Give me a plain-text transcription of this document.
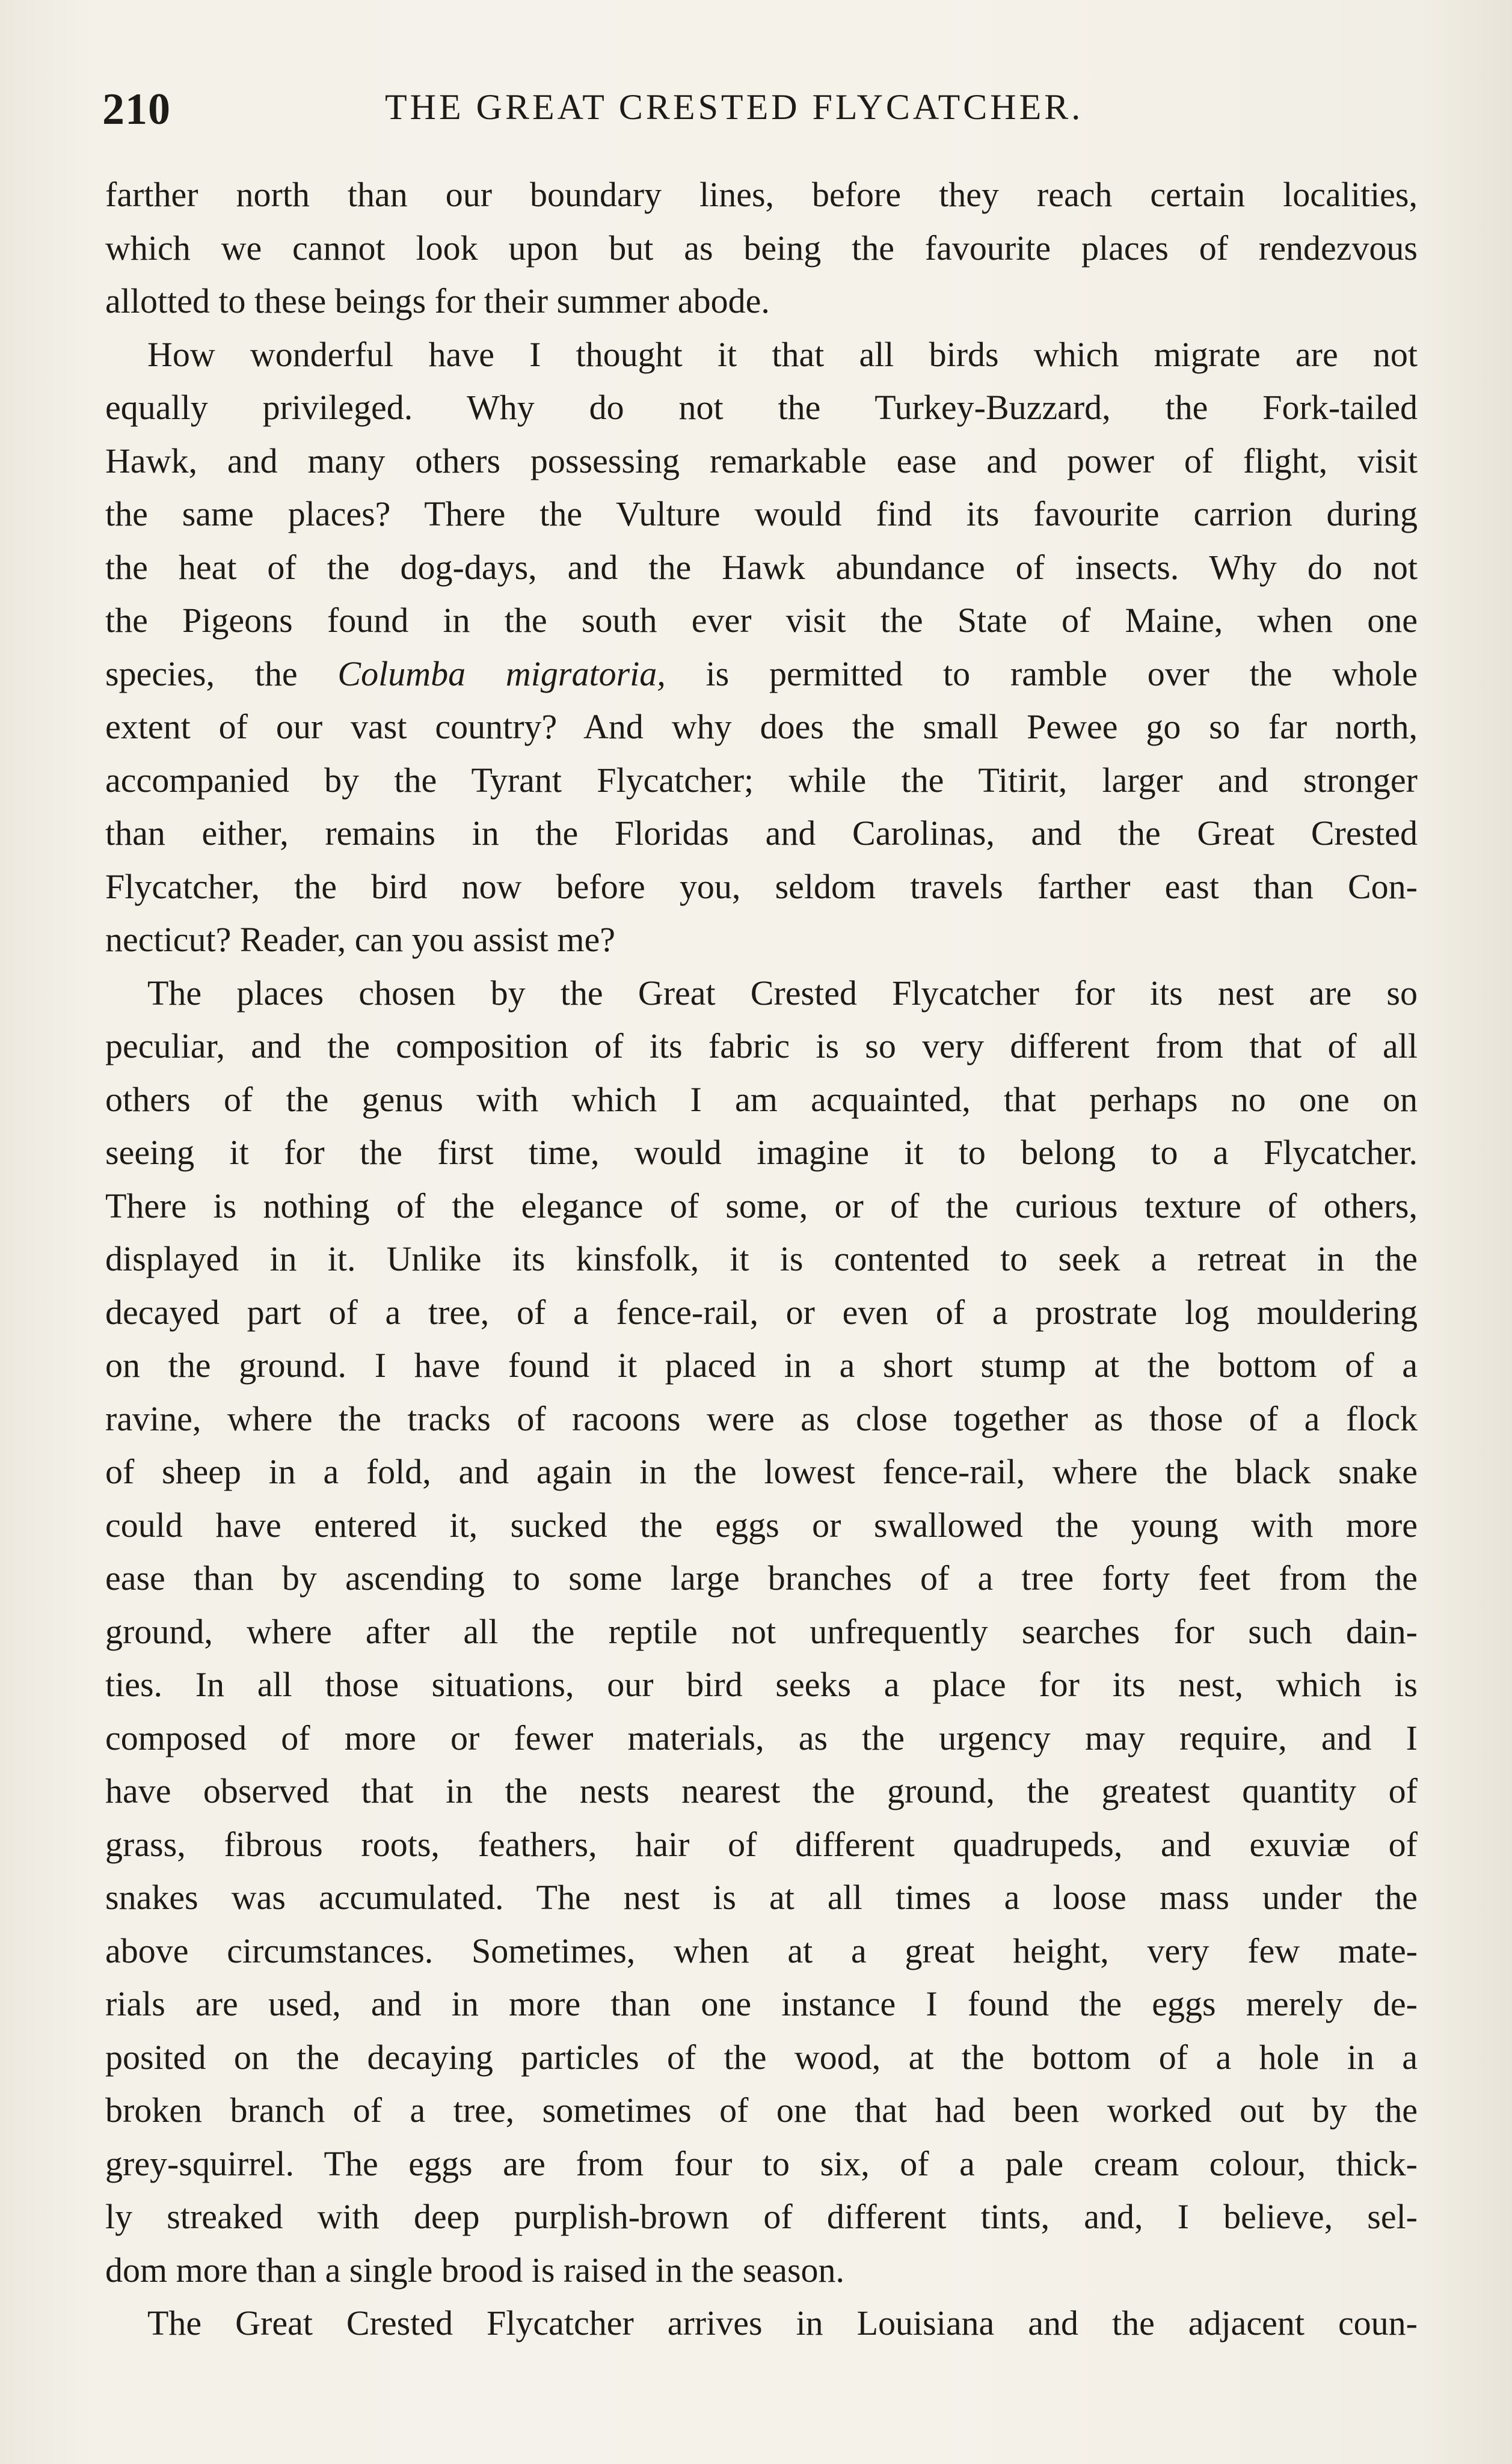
210	THE GREAT CRESTED FLYCATCHER.

farther north than our boundary lines, before they reach certain localities,
which we cannot look upon but as being the favourite places of rendezvous
allotted to these beings for their summer abode.

How wonderful have I thought it that all birds which migrate are not
equally privileged. Why do not the Turkey-Buzzard, the Fork-tailed
Hawk, and many others possessing remarkable ease and power of flight, visit
the same places? There the Vulture would find its favourite carrion during
the heat of the dog-days, and the Hawk abundance of insects. Why do not
the Pigeons found in the south ever visit the State of Maine, when one
species, the Columba migratoria, is permitted to ramble over the whole
extent of our vast country? And why does the small Pewee go so far north,
accompanied by the Tyrant Flycatcher; while the Titirit, larger and stronger
than either, remains in the Floridas and Carolinas, and the Great Crested
Flycatcher, the bird now before you, seldom travels farther east than Con-
necticut? Reader, can you assist me?

The places chosen by the Great Crested Flycatcher for its nest are so
peculiar, and the composition of its fabric is so very different from that of all
others of the genus with which I am acquainted, that perhaps no one on
seeing it for the first time, would imagine it to belong to a Flycatcher.
There is nothing of the elegance of some, or of the curious texture of others,
displayed in it. Unlike its kinsfolk, it is contented to seek a retreat in the
decayed part of a tree, of a fence-rail, or even of a prostrate log mouldering
on the ground. I have found it placed in a short stump at the bottom of a
ravine, where the tracks of racoons were as close together as those of a flock
of sheep in a fold, and again in the lowest fence-rail, where the black snake
could have entered it, sucked the eggs or swallowed the young with more
ease than by ascending to some large branches of a tree forty feet from the
ground, where after all the reptile not unfrequently searches for such dain-
ties. In all those situations, our bird seeks a place for its nest, which is
composed of more or fewer materials, as the urgency may require, and I
have observed that in the nests nearest the ground, the greatest quantity of
grass, fibrous roots, feathers, hair of different quadrupeds, and exuviæ of
snakes was accumulated. The nest is at all times a loose mass under the
above circumstances. Sometimes, when at a great height, very few mate-
rials are used, and in more than one instance I found the eggs merely de-
posited on the decaying particles of the wood, at the bottom of a hole in a
broken branch of a tree, sometimes of one that had been worked out by the
grey-squirrel. The eggs are from four to six, of a pale cream colour, thick-
ly streaked with deep purplish-brown of different tints, and, I believe, sel-
dom more than a single brood is raised in the season.

The Great Crested Flycatcher arrives in Louisiana and the adjacent coun-
